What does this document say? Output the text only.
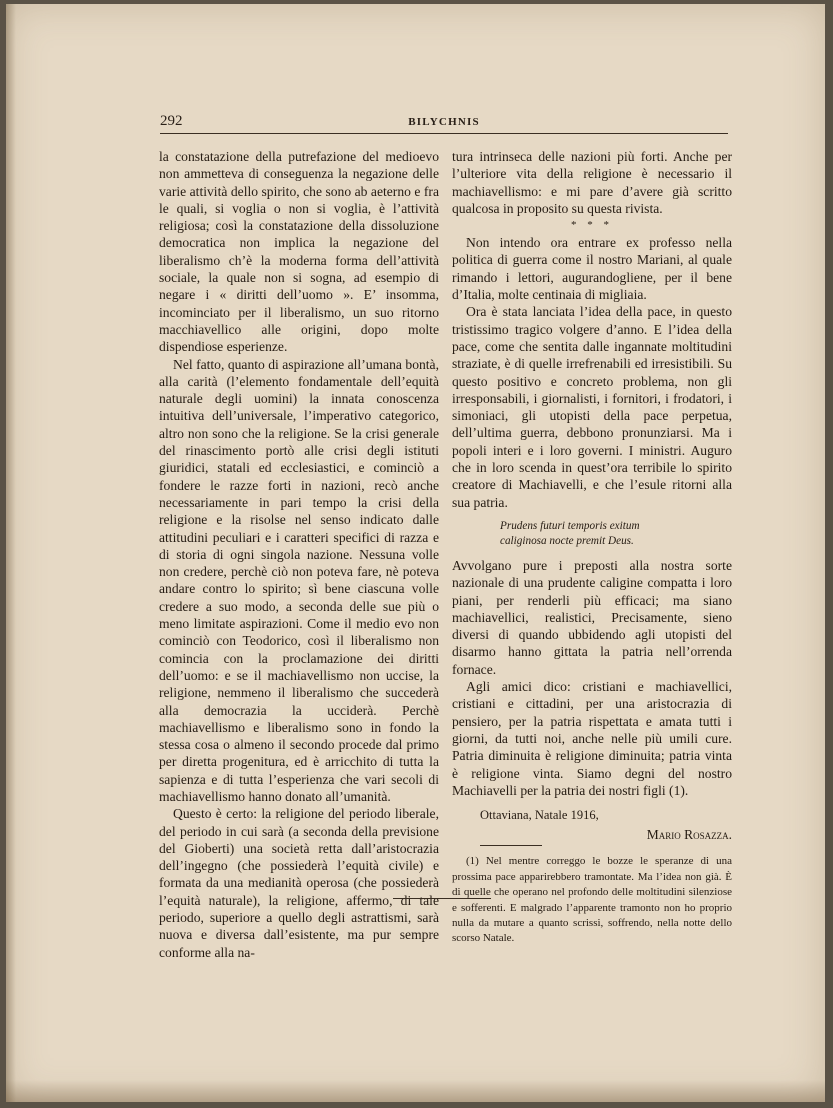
292	BILYCHNIS

la constatazione della putrefazione del medioevo non ammetteva di conseguenza la negazione delle varie attività dello spirito, che sono ab aeterno e fra le quali, si voglia o non si voglia, è l’attività religiosa; così la constatazione della dissoluzione democratica non implica la negazione del liberalismo ch’è la moderna forma dell’attività sociale, la quale non si sogna, ad esempio di negare i « diritti dell’uomo ». E’ insomma, incominciato per il liberalismo, un suo ritorno macchiavellico alle origini, dopo molte dispendiose esperienze.

Nel fatto, quanto di aspirazione all’umana bontà, alla carità (l’elemento fondamentale dell’equità naturale degli uomini) la innata conoscenza intuitiva dell’universale, l’imperativo categorico, altro non sono che la religione. Se la crisi generale del rinascimento portò alle crisi degli istituti giuridici, statali ed ecclesiastici, e cominciò a fondere le razze forti in nazioni, recò anche necessariamente in pari tempo la crisi della religione e la risolse nel senso indicato dalle attitudini peculiari e i caratteri specifici di razza e di storia di ogni singola nazione. Nessuna volle non credere, perchè ciò non poteva fare, nè poteva andare contro lo spirito; sì bene ciascuna volle credere a suo modo, a seconda delle sue più o meno limitate aspirazioni. Come il medio evo non cominciò con Teodorico, così il liberalismo non comincia con la proclamazione dei diritti dell’uomo: e se il machiavellismo non uccise, la religione, nemmeno il liberalismo che succederà alla democrazia la ucciderà. Perchè machiavellismo e liberalismo sono in fondo la stessa cosa o almeno il secondo procede dal primo per diretta progenitura, ed è arricchito di tutta la sapienza e di tutta l’esperienza che vari secoli di machiavellismo hanno donato all’umanità.

Questo è certo: la religione del periodo liberale, del periodo in cui sarà (a seconda della previsione del Gioberti) una società retta dall’aristocrazia dell’ingegno (che possiederà l’equità civile) e formata da una medianità operosa (che possiederà l’equità naturale), la religione, affermo, di tale periodo, superiore a quello degli astrattismi, sarà nuova e diversa dall’esistente, ma pur sempre conforme alla na-

tura intrinseca delle nazioni più forti. Anche per l’ulteriore vita della religione è necessario il machiavellismo: e mi pare d’avere già scritto qualcosa in proposito su questa rivista.

* * *

Non intendo ora entrare ex professo nella politica di guerra come il nostro Mariani, al quale rimando i lettori, augurandogliene, per il bene d’Italia, molte centinaia di migliaia.

Ora è stata lanciata l’idea della pace, in questo tristissimo tragico volgere d’anno. E l’idea della pace, come che sentita dalle ingannate moltitudini straziate, è di quelle irrefrenabili ed irresistibili. Su questo positivo e concreto problema, non gli irresponsabili, i giornalisti, i fornitori, i frodatori, i simoniaci, gli utopisti della pace perpetua, dell’ultima guerra, debbono pronunziarsi. Ma i popoli interi e i loro governi. I ministri. Auguro che in loro scenda in quest’ora terribile lo spirito creatore di Machiavelli, e che l’esule ritorni alla sua patria.

Prudens futuri temporis exitum
caliginosa nocte premit Deus.

Avvolgano pure i preposti alla nostra sorte nazionale di una prudente caligine compatta i loro piani, per renderli più efficaci; ma siano machiavellici, realistici, Precisamente, sieno diversi di quando ubbidendo agli utopisti del disarmo hanno gittata la patria nell’orrenda fornace.

Agli amici dico: cristiani e machiavellici, cristiani e cittadini, per una aristocrazia di pensiero, per la patria rispettata e amata tutti i giorni, da tutti noi, anche nelle più umili cure. Patria diminuita è religione diminuita; patria vinta è religione vinta. Siamo degni del nostro Machiavelli per la patria dei nostri figli (1).

Ottaviana, Natale 1916,
Mario Rosazza.

(1) Nel mentre correggo le bozze le speranze di una prossima pace apparirebbero tramontate. Ma l’idea non già. È di quelle che operano nel profondo delle moltitudini silenziose e sofferenti. E malgrado l’apparente tramonto non ho proprio nulla da mutare a quanto scrissi, soffrendo, nella notte dello scorso Natale.
